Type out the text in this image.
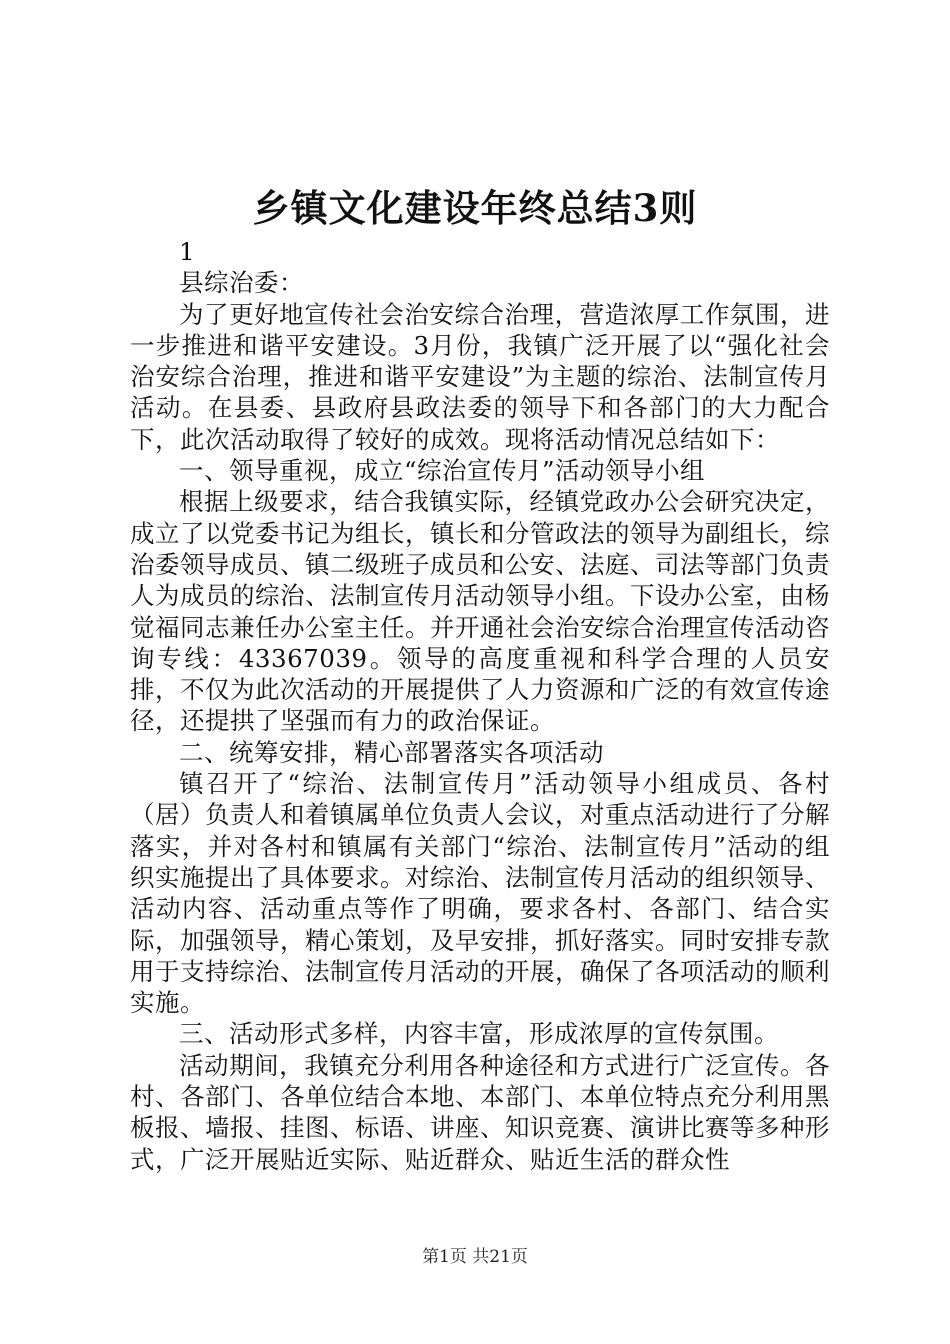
乡镇文化建设年终总结3则

1

县综治委：

为了更好地宣传社会治安综合治理，营造浓厚工作氛围，进一步推进和谐平安建设。3月份，我镇广泛开展了以“强化社会治安综合治理，推进和谐平安建设”为主题的综治、法制宣传月活动。在县委、县政府县政法委的领导下和各部门的大力配合下，此次活动取得了较好的成效。现将活动情况总结如下：

一、领导重视，成立“综治宣传月”活动领导小组

根据上级要求，结合我镇实际，经镇党政办公会研究决定，成立了以党委书记为组长，镇长和分管政法的领导为副组长，综治委领导成员、镇二级班子成员和公安、法庭、司法等部门负责人为成员的综治、法制宣传月活动领导小组。下设办公室，由杨觉福同志兼任办公室主任。并开通社会治安综合治理宣传活动咨询专线：43367039。领导的高度重视和科学合理的人员安排，不仅为此次活动的开展提供了人力资源和广泛的有效宣传途径，还提拱了坚强而有力的政治保证。

二、统筹安排，精心部署落实各项活动

镇召开了“综治、法制宣传月”活动领导小组成员、各村（居）负责人和着镇属单位负责人会议，对重点活动进行了分解落实，并对各村和镇属有关部门“综治、法制宣传月”活动的组织实施提出了具体要求。对综治、法制宣传月活动的组织领导、活动内容、活动重点等作了明确，要求各村、各部门、结合实际，加强领导，精心策划，及早安排，抓好落实。同时安排专款用于支持综治、法制宣传月活动的开展，确保了各项活动的顺利实施。

三、活动形式多样，内容丰富，形成浓厚的宣传氛围。

活动期间，我镇充分利用各种途径和方式进行广泛宣传。各村、各部门、各单位结合本地、本部门、本单位特点充分利用黑板报、墙报、挂图、标语、讲座、知识竞赛、演讲比赛等多种形式，广泛开展贴近实际、贴近群众、贴近生活的群众性

第1页 共21页
